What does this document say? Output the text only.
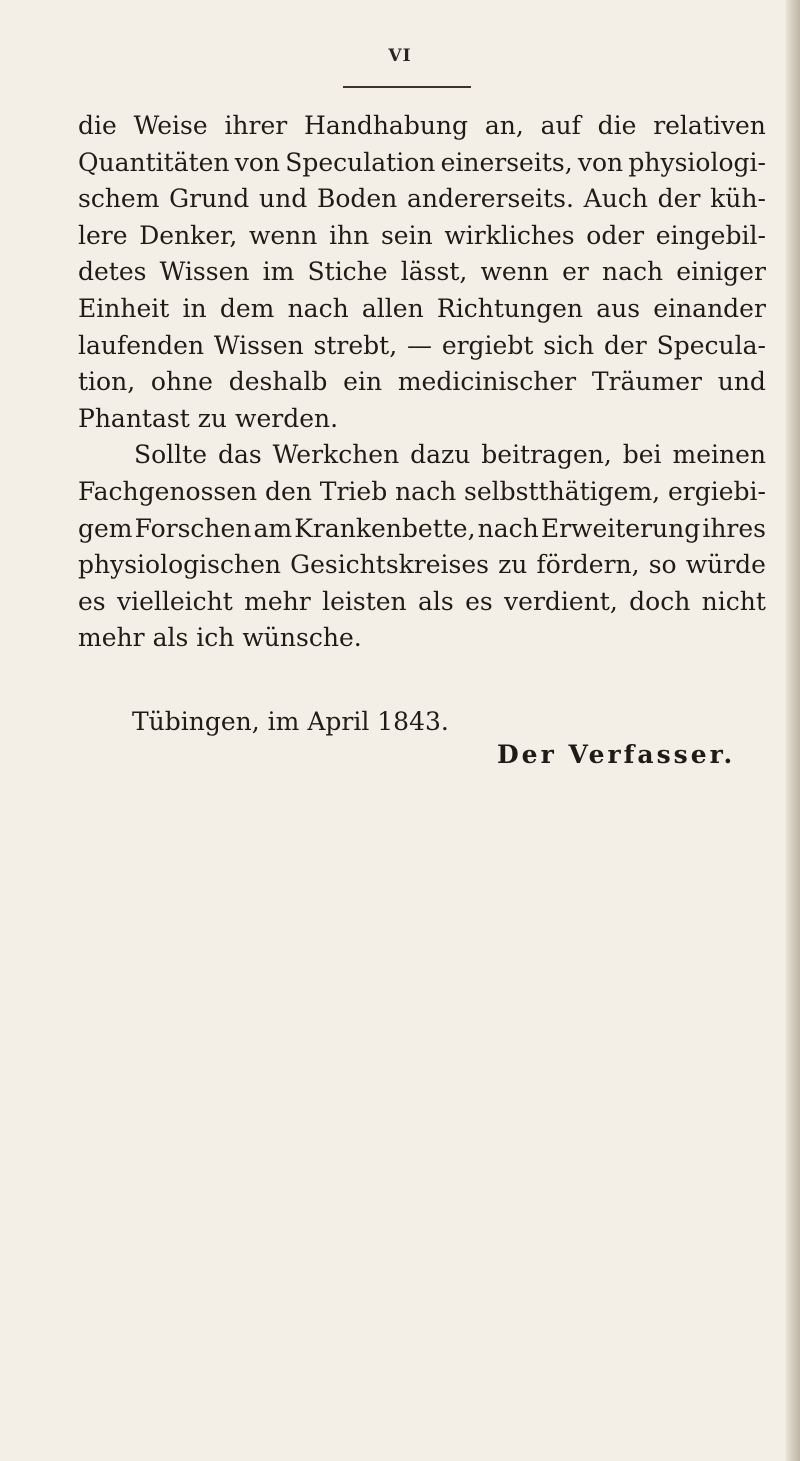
VI
die Weise ihrer Handhabung an, auf die relativen
Quantitäten von Speculation einerseits, von physiologi-
schem Grund und Boden andererseits. Auch der küh-
lere Denker, wenn ihn sein wirkliches oder eingebil-
detes Wissen im Stiche lässt, wenn er nach einiger
Einheit in dem nach allen Richtungen aus einander
laufenden Wissen strebt, — ergiebt sich der Specula-
tion, ohne deshalb ein medicinischer Träumer und
Phantast zu werden.
Sollte das Werkchen dazu beitragen, bei meinen
Fachgenossen den Trieb nach selbstthätigem, ergiebi-
gem Forschen am Krankenbette, nach Erweiterung ihres
physiologischen Gesichtskreises zu fördern, so würde
es vielleicht mehr leisten als es verdient, doch nicht
mehr als ich wünsche.
Tübingen, im April 1843.
Der Verfasser.
